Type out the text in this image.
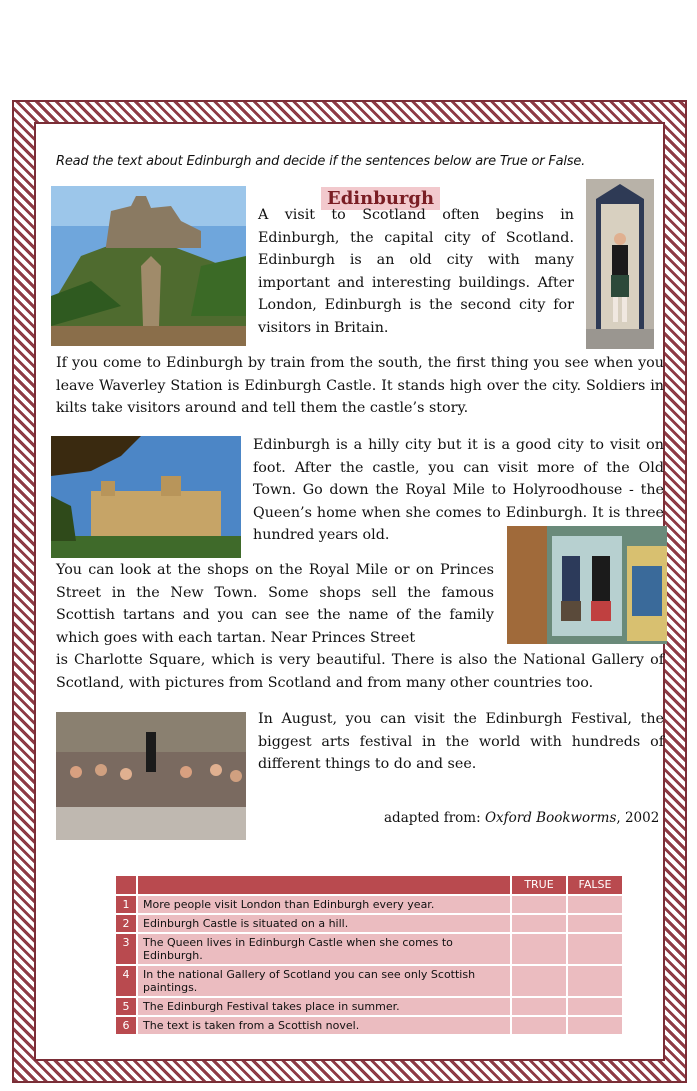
Read the text about Edinburgh and decide if the sentences below are True or False.
Edinburgh

A visit to Scotland often begins in Edinburgh, the capital city of Scotland. Edinburgh is an old city with many important and interesting buildings. After London, Edinburgh is the second city for visitors in Britain.

If you come to Edinburgh by train from the south, the first thing you see when you leave Waverley Station is Edinburgh Castle. It stands high over the city. Soldiers in kilts take visitors around and tell them the castle’s story.

Edinburgh is a hilly city but it is a good city to visit on foot. After the castle, you can visit more of the Old Town. Go down the Royal Mile to Holyroodhouse - the Queen’s home when she comes to Edinburgh. It is three hundred years old.

You can look at the shops on the Royal Mile or on Princes Street in the New Town. Some shops sell the famous Scottish tartans and you can see the name of the family which goes with each tartan. Near Princes Street

is Charlotte Square, which is very beautiful. There is also the National Gallery of Scotland, with pictures from Scotland and from many other countries too.

In August, you can visit the Edinburgh Festival, the biggest arts festival in the world with hundreds of different things to do and see.

adapted from: Oxford Bookworms, 2002
		TRUE	FALSE
1	More people visit London than Edinburgh every year.		
2	Edinburgh Castle is situated on a hill.		
3	The Queen lives in Edinburgh Castle when she comes to Edinburgh.		
4	In the national Gallery of Scotland you can see only Scottish paintings.		
5	The Edinburgh Festival takes place in summer.		
6	The text is taken from a Scottish novel.		
